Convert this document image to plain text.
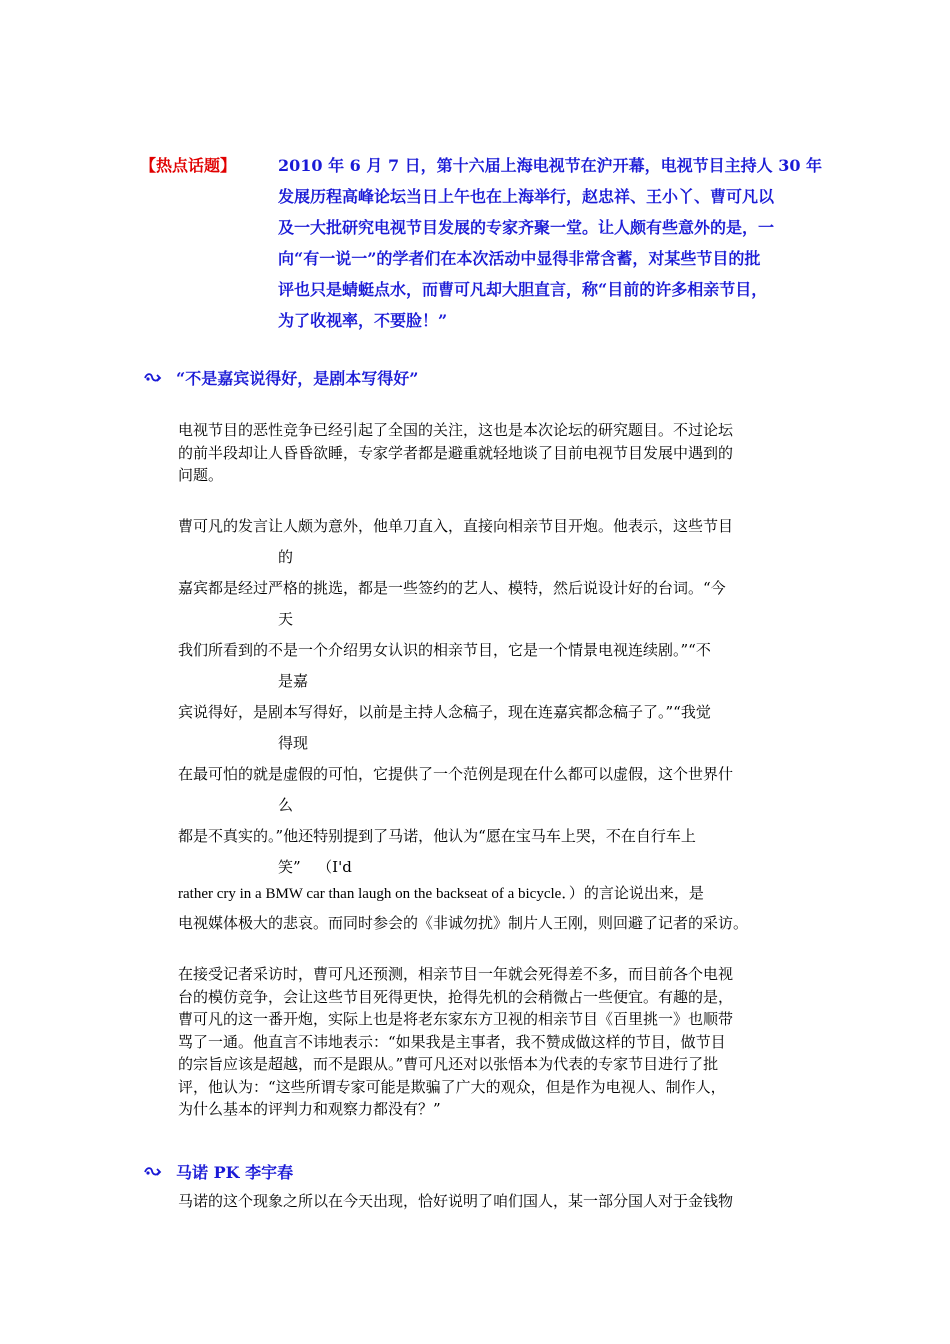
【热点话题】	2010 年 6 月 7 日，第十六届上海电视节在沪开幕，电视节目主持人 30 年
发展历程高峰论坛当日上午也在上海举行，赵忠祥、王小丫、曹可凡以
及一大批研究电视节目发展的专家齐聚一堂。让人颇有些意外的是，一
向“有一说一”的学者们在本次活动中显得非常含蓄，对某些节目的批
评也只是蜻蜓点水，而曹可凡却大胆直言，称“目前的许多相亲节目，
为了收视率，不要脸！”
“不是嘉宾说得好，是剧本写得好”
电视节目的恶性竞争已经引起了全国的关注，这也是本次论坛的研究题目。不过论坛
的前半段却让人昏昏欲睡，专家学者都是避重就轻地谈了目前电视节目发展中遇到的
问题。
曹可凡的发言让人颇为意外，他单刀直入，直接向相亲节目开炮。他表示，这些节目
的
嘉宾都是经过严格的挑选，都是一些签约的艺人、模特，然后说设计好的台词。“今
天
我们所看到的不是一个介绍男女认识的相亲节目，它是一个情景电视连续剧。”“不
是嘉
宾说得好，是剧本写得好，以前是主持人念稿子，现在连嘉宾都念稿子了。”“我觉
得现
在最可怕的就是虚假的可怕，它提供了一个范例是现在什么都可以虚假，这个世界什
么
都是不真实的。”他还特别提到了马诺，他认为“愿在宝马车上哭，不在自行车上
笑” （I'd
rather cry in a BMW car than laugh on the backseat of a bicycle．）的言论说出来，是
电视媒体极大的悲哀。而同时参会的《非诚勿扰》制片人王刚，则回避了记者的采访。
在接受记者采访时，曹可凡还预测，相亲节目一年就会死得差不多，而目前各个电视
台的模仿竞争，会让这些节目死得更快，抢得先机的会稍微占一些便宜。有趣的是，
曹可凡的这一番开炮，实际上也是将老东家东方卫视的相亲节目《百里挑一》也顺带
骂了一通。他直言不讳地表示：“如果我是主事者，我不赞成做这样的节目，做节目
的宗旨应该是超越，而不是跟从。”曹可凡还对以张悟本为代表的专家节目进行了批
评，他认为：“这些所谓专家可能是欺骗了广大的观众，但是作为电视人、制作人，
为什么基本的评判力和观察力都没有？”
马诺 PK 李宇春
马诺的这个现象之所以在今天出现，恰好说明了咱们国人，某一部分国人对于金钱物
